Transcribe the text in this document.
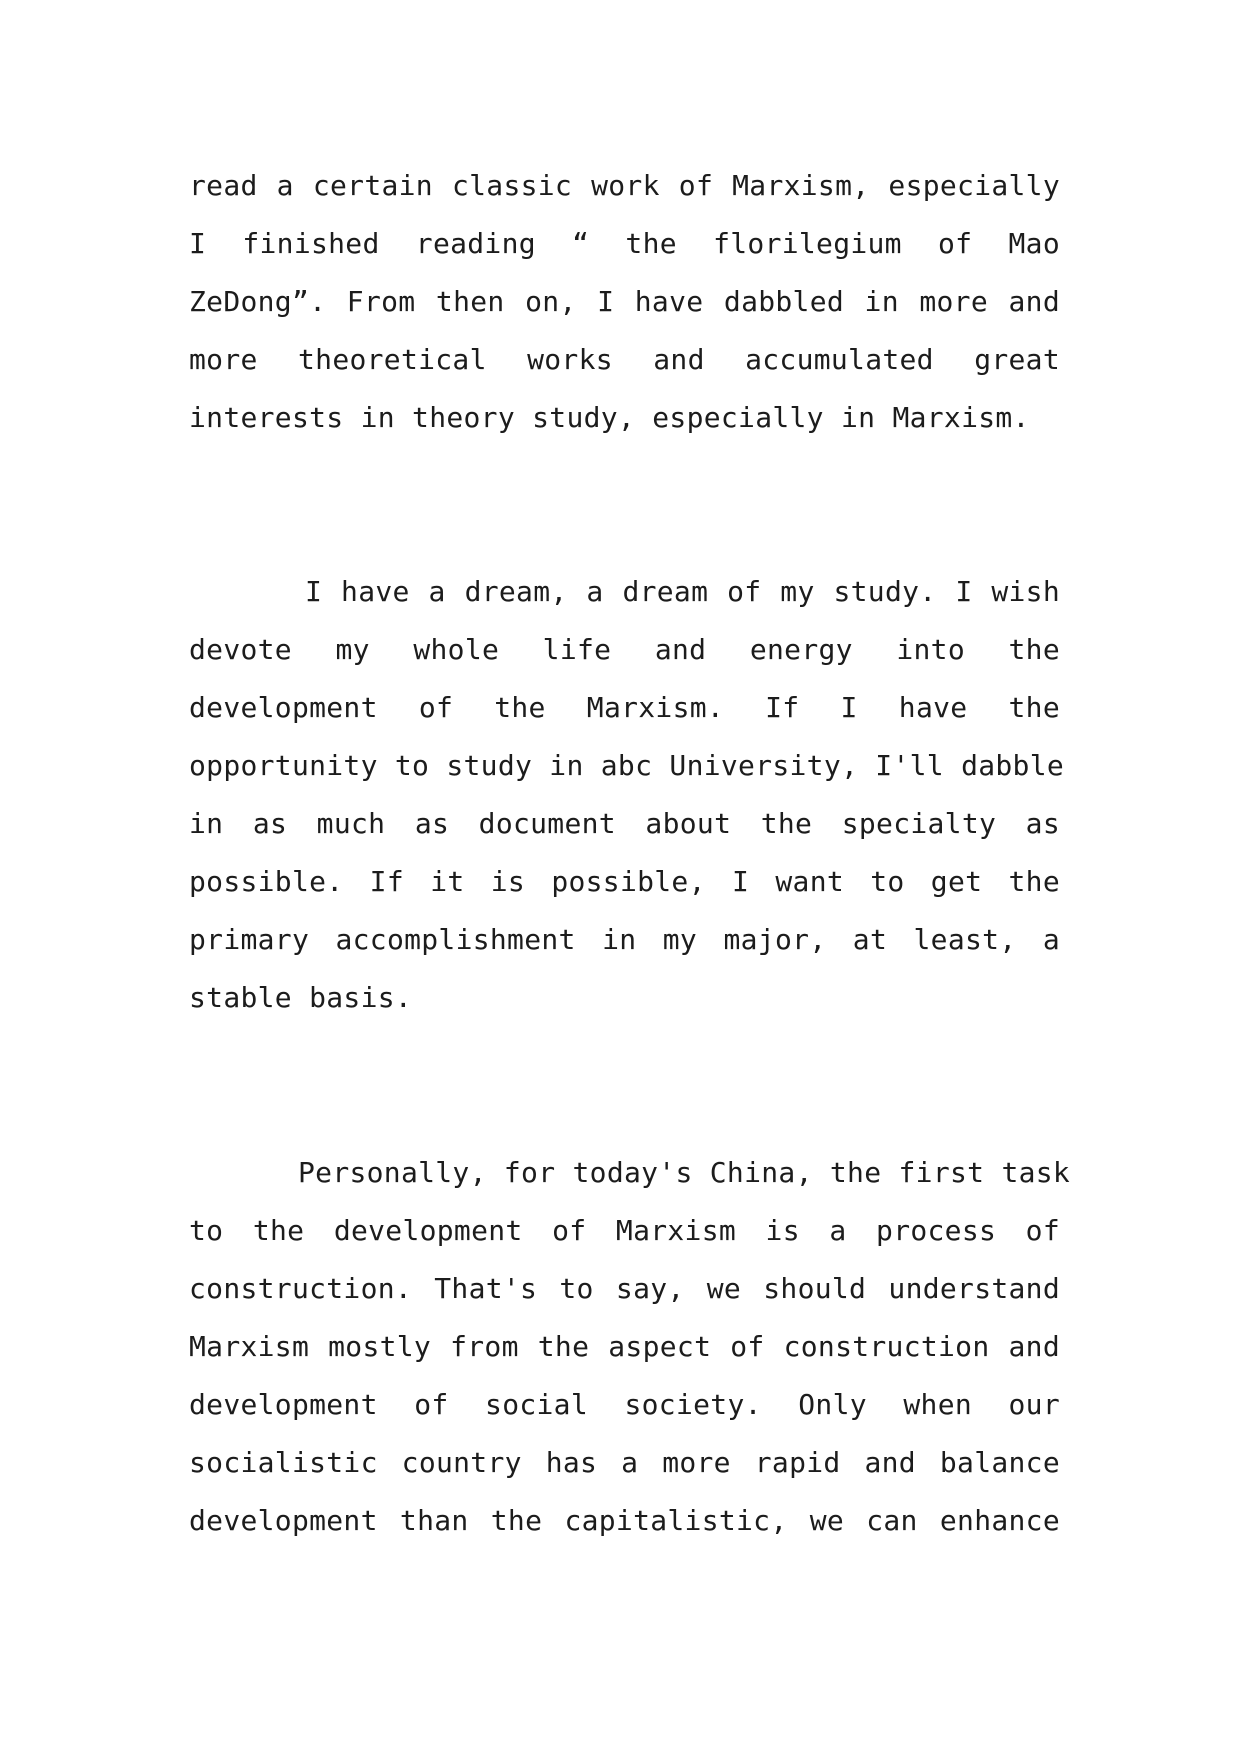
read a certain classic work of Marxism, especially
I finished reading “ the florilegium of Mao
ZeDong”. From then on, I have dabbled in more and
more theoretical works and accumulated great
interests in theory study, especially in Marxism.
I have a dream, a dream of my study. I wish
devote my whole life and energy into the
development of the Marxism. If I have the
opportunity to study in abc University, I'll dabble
in as much as document about the specialty as
possible. If it is possible, I want to get the
primary accomplishment in my major, at least, a
stable basis.
Personally, for today's China, the first task
to the development of Marxism is a process of
construction. That's to say, we should understand
Marxism mostly from the aspect of construction and
development of social society. Only when our
socialistic country has a more rapid and balance
development than the capitalistic, we can enhance
